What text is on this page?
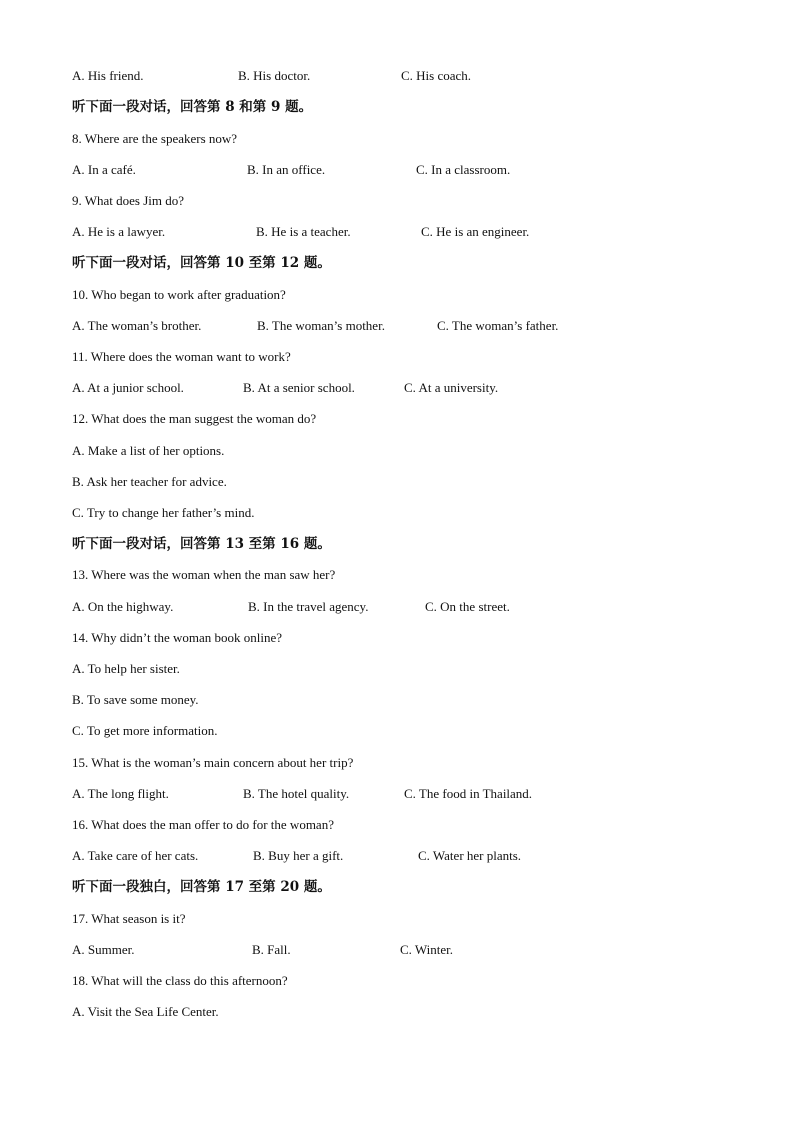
A. His friend.	B. His doctor.	C. His coach.
听下面一段对话，回答第 8 和第 9 题。
8. Where are the speakers now?
A. In a café.	B. In an office.	C. In a classroom.
9. What does Jim do?
A. He is a lawyer.	B. He is a teacher.	C. He is an engineer.
听下面一段对话，回答第 10 至第 12 题。
10. Who began to work after graduation?
A. The woman’s brother.	B. The woman’s mother.	C. The woman’s father.
11. Where does the woman want to work?
A. At a junior school.	B. At a senior school.	C. At a university.
12. What does the man suggest the woman do?
A. Make a list of her options.
B. Ask her teacher for advice.
C. Try to change her father’s mind.
听下面一段对话，回答第 13 至第 16 题。
13. Where was the woman when the man saw her?
A. On the highway.	B. In the travel agency.	C. On the street.
14. Why didn’t the woman book online?
A. To help her sister.
B. To save some money.
C. To get more information.
15. What is the woman’s main concern about her trip?
A. The long flight.	B. The hotel quality.	C. The food in Thailand.
16. What does the man offer to do for the woman?
A. Take care of her cats.	B. Buy her a gift.	C. Water her plants.
听下面一段独白，回答第 17 至第 20 题。
17. What season is it?
A. Summer.	B. Fall.	C. Winter.
18. What will the class do this afternoon?
A. Visit the Sea Life Center.
